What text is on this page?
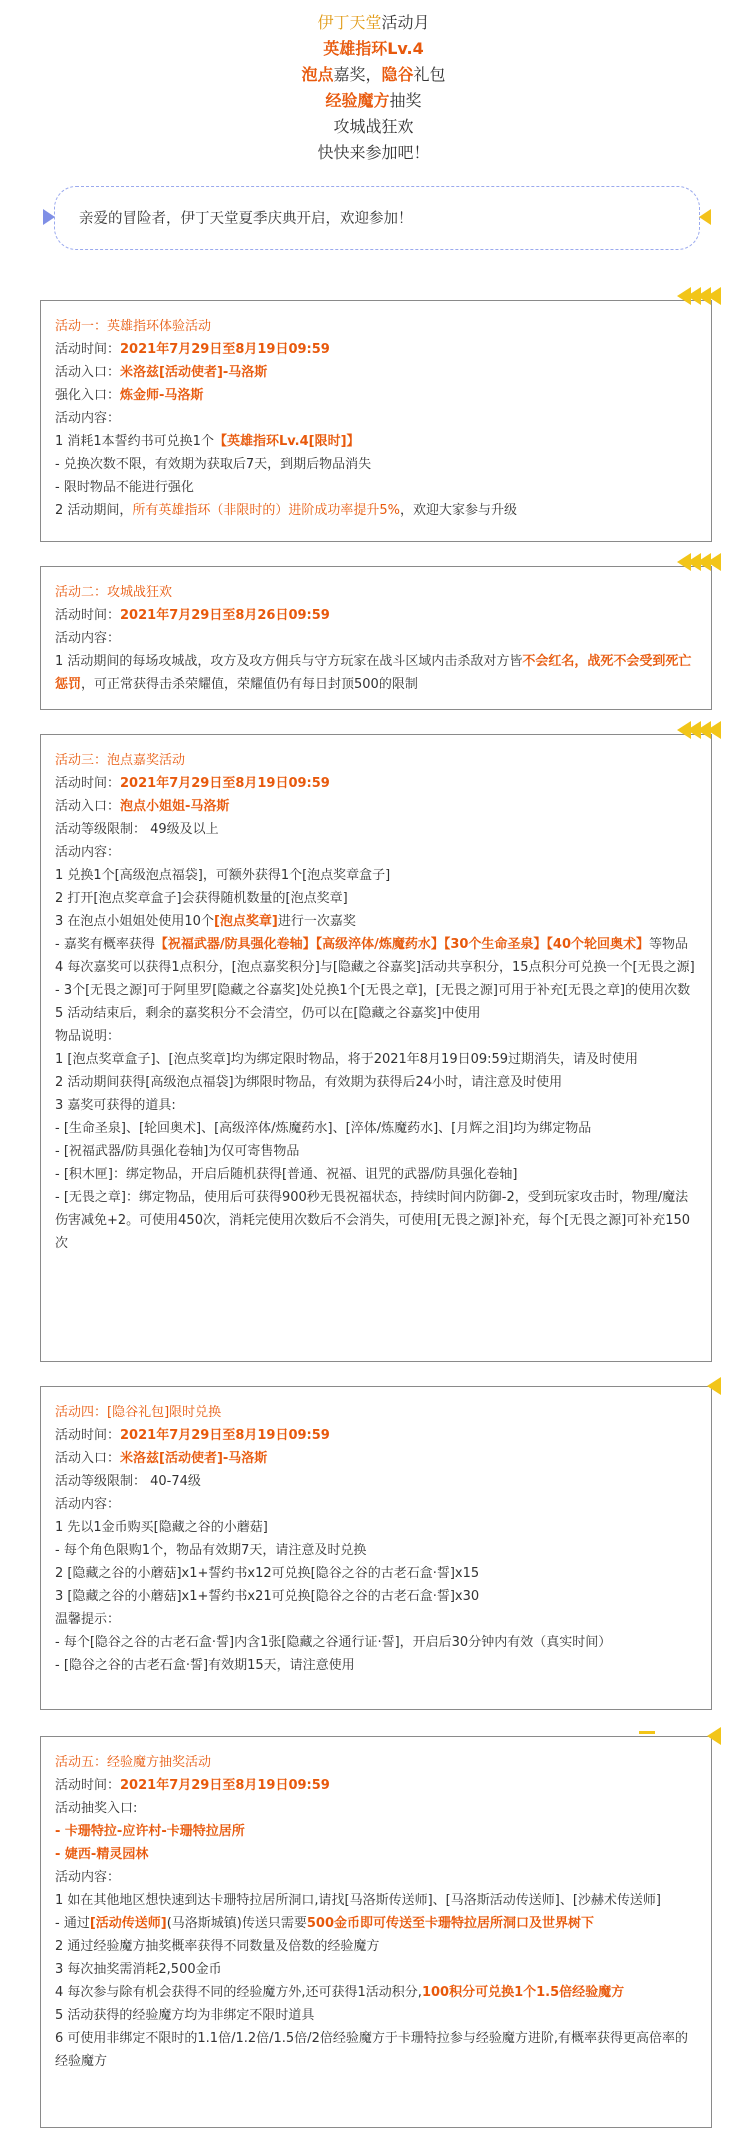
伊丁天堂活动月
英雄指环Lv.4
泡点嘉奖，隐谷礼包
经验魔方抽奖
攻城战狂欢
快快来参加吧！
亲爱的冒险者，伊丁天堂夏季庆典开启，欢迎参加！
活动一：英雄指环体验活动
活动时间：2021年7月29日至8月19日09:59
活动入口：米洛兹[活动使者]-马洛斯
强化入口：炼金师-马洛斯
活动内容：
1 消耗1本誓约书可兑换1个【英雄指环Lv.4[限时]】
- 兑换次数不限，有效期为获取后7天，到期后物品消失
- 限时物品不能进行强化
2 活动期间，所有英雄指环（非限时的）进阶成功率提升5%，欢迎大家参与升级
活动二：攻城战狂欢
活动时间：2021年7月29日至8月26日09:59
活动内容：
1 活动期间的每场攻城战，攻方及攻方佣兵与守方玩家在战斗区域内击杀敌对方皆不会红名，战死不会受到死亡惩罚，可正常获得击杀荣耀值，荣耀值仍有每日封顶500的限制
活动三：泡点嘉奖活动
活动时间：2021年7月29日至8月19日09:59
活动入口：泡点小姐姐-马洛斯
活动等级限制： 49级及以上
活动内容：
1 兑换1个[高级泡点福袋]，可额外获得1个[泡点奖章盒子]
2 打开[泡点奖章盒子]会获得随机数量的[泡点奖章]
3 在泡点小姐姐处使用10个[泡点奖章]进行一次嘉奖
- 嘉奖有概率获得【祝福武器/防具强化卷轴】【高级淬体/炼魔药水】【30个生命圣泉】【40个轮回奥术】等物品
4 每次嘉奖可以获得1点积分，[泡点嘉奖积分]与[隐藏之谷嘉奖]活动共享积分，15点积分可兑换一个[无畏之源]
- 3个[无畏之源]可于阿里罗[隐藏之谷嘉奖]处兑换1个[无畏之章]，[无畏之源]可用于补充[无畏之章]的使用次数
5 活动结束后，剩余的嘉奖积分不会清空，仍可以在[隐藏之谷嘉奖]中使用
物品说明：
1 [泡点奖章盒子]、[泡点奖章]均为绑定限时物品，将于2021年8月19日09:59过期消失，请及时使用
2 活动期间获得[高级泡点福袋]为绑限时物品，有效期为获得后24小时，请注意及时使用
3 嘉奖可获得的道具:
- [生命圣泉]、[轮回奥术]、[高级淬体/炼魔药水]、[淬体/炼魔药水]、[月辉之泪]均为绑定物品
- [祝福武器/防具强化卷轴]为仅可寄售物品
- [积木匣]：绑定物品，开启后随机获得[普通、祝福、诅咒的武器/防具强化卷轴]
- [无畏之章]：绑定物品，使用后可获得900秒无畏祝福状态，持续时间内防御-2，受到玩家攻击时，物理/魔法伤害减免+2。可使用450次，消耗完使用次数后不会消失，可使用[无畏之源]补充，每个[无畏之源]可补充150次
活动四：[隐谷礼包]限时兑换
活动时间：2021年7月29日至8月19日09:59
活动入口：米洛兹[活动使者]-马洛斯
活动等级限制： 40-74级
活动内容：
1 先以1金币购买[隐藏之谷的小蘑菇]
- 每个角色限购1个，物品有效期7天，请注意及时兑换
2 [隐藏之谷的小蘑菇]x1+誓约书x12可兑换[隐谷之谷的古老石盒·誓]x15
3 [隐藏之谷的小蘑菇]x1+誓约书x21可兑换[隐谷之谷的古老石盒·誓]x30
温馨提示：
- 每个[隐谷之谷的古老石盒·誓]内含1张[隐藏之谷通行证·誓]，开启后30分钟内有效（真实时间）
- [隐谷之谷的古老石盒·誓]有效期15天，请注意使用
活动五：经验魔方抽奖活动
活动时间：2021年7月29日至8月19日09:59
活动抽奖入口:
- 卡珊特拉-应许村-卡珊特拉居所
- 婕西-精灵园林
活动内容：
1 如在其他地区想快速到达卡珊特拉居所洞口,请找[马洛斯传送师]、[马洛斯活动传送师]、[沙赫术传送师]
- 通过[活动传送师](马洛斯城镇)传送只需要500金币即可传送至卡珊特拉居所洞口及世界树下
2 通过经验魔方抽奖概率获得不同数量及倍数的经验魔方
3 每次抽奖需消耗2,500金币
4 每次参与除有机会获得不同的经验魔方外,还可获得1活动积分,100积分可兑换1个1.5倍经验魔方
5 活动获得的经验魔方均为非绑定不限时道具
6 可使用非绑定不限时的1.1倍/1.2倍/1.5倍/2倍经验魔方于卡珊特拉参与经验魔方进阶,有概率获得更高倍率的经验魔方
